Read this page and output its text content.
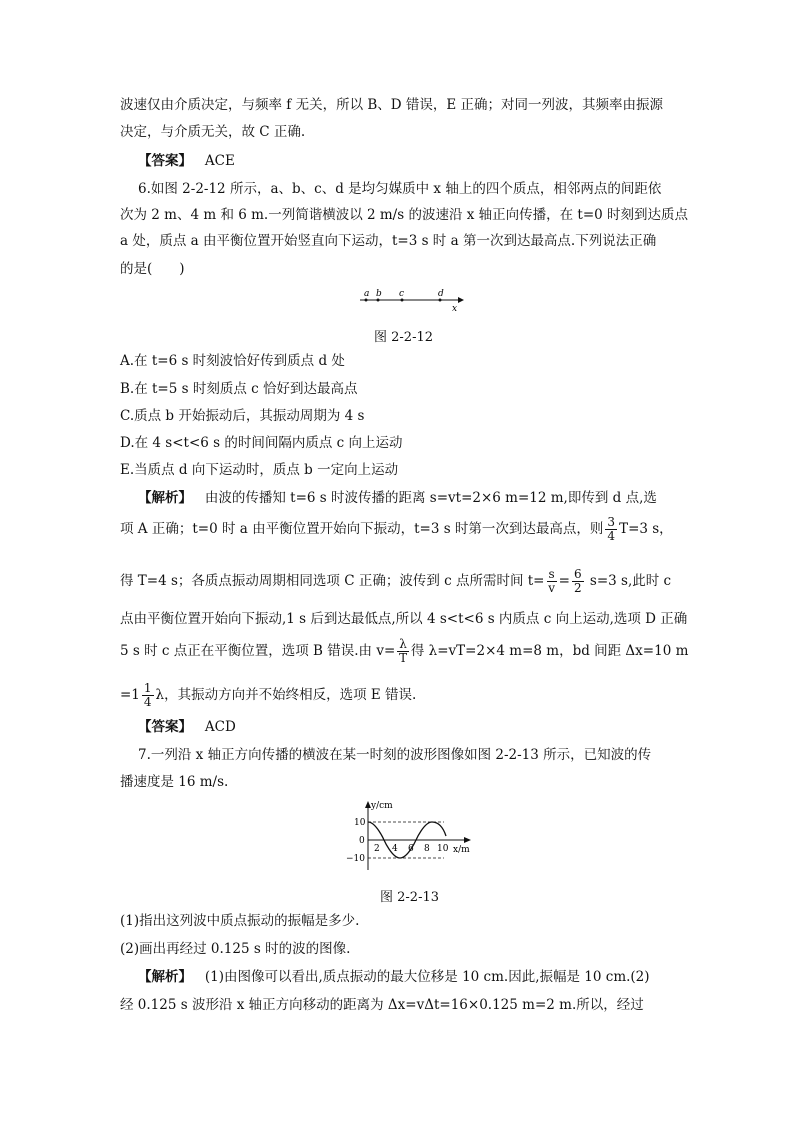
波速仅由介质决定，与频率 f 无关，所以 B、D 错误，E 正确；对同一列波，其频率由振源
决定，与介质无关，故 C 正确.
【答案】 ACE
6.如图 2-2-12 所示，a、b、c、d 是均匀媒质中 x 轴上的四个质点，相邻两点的间距依
次为 2 m、4 m 和 6 m.一列简谐横波以 2 m/s 的波速沿 x 轴正向传播，在 t=0 时刻到达质点
a 处，质点 a 由平衡位置开始竖直向下运动，t=3 s 时 a 第一次到达最高点.下列说法正确
的是(　　)
a b c	d
x
图 2-2-12
A.在 t=6 s 时刻波恰好传到质点 d 处
B.在 t=5 s 时刻质点 c 恰好到达最高点
C.质点 b 开始振动后，其振动周期为 4 s
D.在 4 s<t<6 s 的时间间隔内质点 c 向上运动
E.当质点 d 向下运动时，质点 b 一定向上运动
【解析】 由波的传播知 t=6 s 时波传播的距离 s=vt=2×6 m=12 m,即传到 d 点,选
项 A 正确；t=0 时 a 由平衡位置开始向下振动，t=3 s 时第一次到达最高点，则 $\frac{3}{4} T=3$ s，
得 T=4 s；各质点振动周期相同选项 C 正确；波传到 c 点所需时间 $t= \frac{s}{v} = \frac{6}{2} s=3$ s,此时 c
点由平衡位置开始向下振动,1 s 后到达最低点,所以 4 s<t<6 s 内质点 c 向上运动,选项 D 正确
5 s 时 c 点正在平衡位置，选项 B 错误.由 $v= \frac{\lambda}{T}$ 得 λ=vT=2×4 m=8 m，bd 间距 Δx=10 m
$=1 \frac{1}{4}$ λ，其振动方向并不始终相反，选项 E 错误.
【答案】 ACD
7.一列沿 x 轴正方向传播的横波在某一时刻的波形图像如图 2-2-13 所示，已知波的传
播速度是 16 m/s.
y/cm
x/m
10
0
−10
2 4 6 8 10
图 2-2-13
(1)指出这列波中质点振动的振幅是多少.
(2)画出再经过 0.125 s 时的波的图像.
【解析】 (1)由图像可以看出,质点振动的最大位移是 10 cm.因此,振幅是 10 cm.(2)
经 0.125 s 波形沿 x 轴正方向移动的距离为 Δx=vΔt=16×0.125 m=2 m.所以，经过
